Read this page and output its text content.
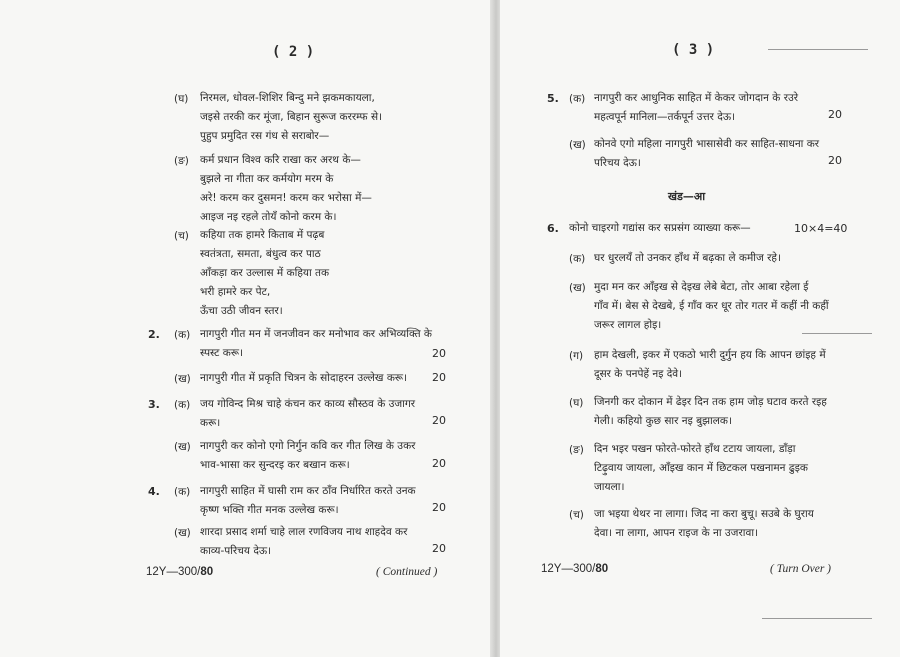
( 2 )
(घ) निरमल, धोवल-शिशिर बिन्दु मने झकमकायला,
जइसे तरकी कर मूंजा, बिहान सुरूज कररम्फ से।
पुहुप प्रमुदित रस गंध से सराबोर—
(ङ) कर्म प्रधान विश्व करि राखा कर अरथ के—
बुझले ना गीता कर कर्मयोग मरम के
अरे! करम कर दुसमन! करम कर भरोसा में—
आइज नइ रहले तोयँ कोनो करम के।
(च) कहिया तक हामरे किताब में पढ़ब
स्वतंत्रता, समता, बंधुत्व कर पाठ
आँकड़ा कर उल्लास में कहिया तक
भरी हामरे कर पेट,
ऊँचा उठी जीवन स्तर।
2. (क) नागपुरी गीत मन में जनजीवन कर मनोभाव कर अभिव्यक्ति के
स्पस्ट करू।	20
(ख) नागपुरी गीत में प्रकृति चित्रन के सोदाहरन उल्लेख करू। 20
3. (क) जय गोविन्द मिश्र चाहे कंचन कर काव्य सौस्ठव के उजागर
करू।	20
(ख) नागपुरी कर कोनो एगो निर्गुन कवि कर गीत लिख के उकर
भाव-भासा कर सुन्दरइ कर बखान करू।	20
4. (क) नागपुरी साहित में घासी राम कर ठाँव निर्धारित करते उनक
कृष्ण भक्ति गीत मनक उल्लेख करू।	20
(ख) शारदा प्रसाद शर्मा चाहे लाल रणविजय नाथ शाहदेव कर
काव्य-परिचय देऊ।	20
12Y—300/80	( Continued )
( 3 )
5. (क) नागपुरी कर आधुनिक साहित में केकर जोगदान के रउरे
महत्वपूर्न मानिला—तर्कपूर्न उत्तर देऊ।	20
(ख) कोनवे एगो महिला नागपुरी भासासेवी कर साहित-साधना कर
परिचय देऊ।	20
खंड—आ
6. कोनो चाइरगो गद्यांस कर सप्रसंग व्याख्या करू—	10×4=40
(क) घर धुरलयँ तो उनकर हाँथ में बढ़का ले कमीज रहे।
(ख) मुदा मन कर आँइख से देइख लेबे बेटा, तोर आबा रहेला ई
गाँव में। बेस से देखबे, ई गाँव कर धूर तोर गतर में कहीं नी कहीं
जरूर लागल होइ।
(ग) हाम देखली, इकर में एकठो भारी दुर्गुन हय कि आपन छांइह में
दूसर के पनपेहें नइ देवे।
(घ) जिनगी कर दोकान में ढेइर दिन तक हाम जोड़ घटाव करते रइह
गेली। कहियो कुछ सार नइ बुझालक।
(ङ) दिन भइर पखन फोरते-फोरते हाँथ टटाय जायला, डाँड़ा
टिढ़ुवाय जायला, आँइख कान में छिटकल पखनामन ढुइक
जायला।
(च) जा भइया थेथर ना लागा। जिद ना करा बुचू। सउबे के घुराय
देवा। ना लागा, आपन राइज के ना उजरावा।
12Y—300/80	( Turn Over )
